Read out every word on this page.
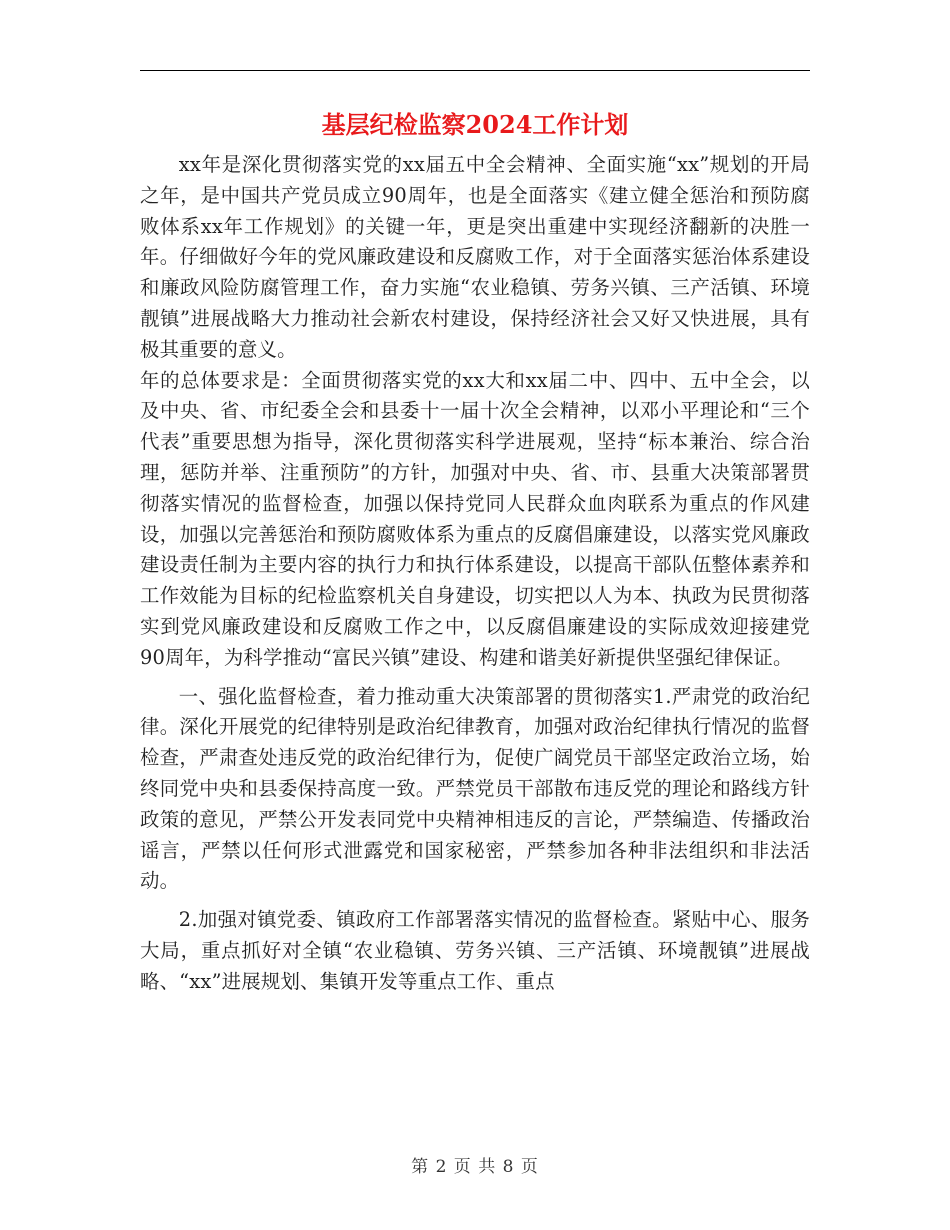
基层纪检监察2024工作计划

xx年是深化贯彻落实党的xx届五中全会精神、全面实施“xx”规划的开局之年，是中国共产党员成立90周年，也是全面落实《建立健全惩治和预防腐败体系xx年工作规划》的关键一年，更是突出重建中实现经济翻新的决胜一年。仔细做好今年的党风廉政建设和反腐败工作，对于全面落实惩治体系建设和廉政风险防腐管理工作，奋力实施“农业稳镇、劳务兴镇、三产活镇、环境靓镇”进展战略大力推动社会新农村建设，保持经济社会又好又快进展，具有极其重要的意义。

年的总体要求是：全面贯彻落实党的xx大和xx届二中、四中、五中全会，以及中央、省、市纪委全会和县委十一届十次全会精神，以邓小平理论和“三个代表”重要思想为指导，深化贯彻落实科学进展观，坚持“标本兼治、综合治理，惩防并举、注重预防”的方针，加强对中央、省、市、县重大决策部署贯彻落实情况的监督检查，加强以保持党同人民群众血肉联系为重点的作风建设，加强以完善惩治和预防腐败体系为重点的反腐倡廉建设，以落实党风廉政建设责任制为主要内容的执行力和执行体系建设，以提高干部队伍整体素养和工作效能为目标的纪检监察机关自身建设，切实把以人为本、执政为民贯彻落实到党风廉政建设和反腐败工作之中，以反腐倡廉建设的实际成效迎接建党90周年，为科学推动“富民兴镇”建设、构建和谐美好新提供坚强纪律保证。

一、强化监督检查，着力推动重大决策部署的贯彻落实1.严肃党的政治纪律。深化开展党的纪律特别是政治纪律教育，加强对政治纪律执行情况的监督检查，严肃查处违反党的政治纪律行为，促使广阔党员干部坚定政治立场，始终同党中央和县委保持高度一致。严禁党员干部散布违反党的理论和路线方针政策的意见，严禁公开发表同党中央精神相违反的言论，严禁编造、传播政治谣言，严禁以任何形式泄露党和国家秘密，严禁参加各种非法组织和非法活动。

2.加强对镇党委、镇政府工作部署落实情况的监督检查。紧贴中心、服务大局，重点抓好对全镇“农业稳镇、劳务兴镇、三产活镇、环境靓镇”进展战略、“xx”进展规划、集镇开发等重点工作、重点

第 2 页 共 8 页
